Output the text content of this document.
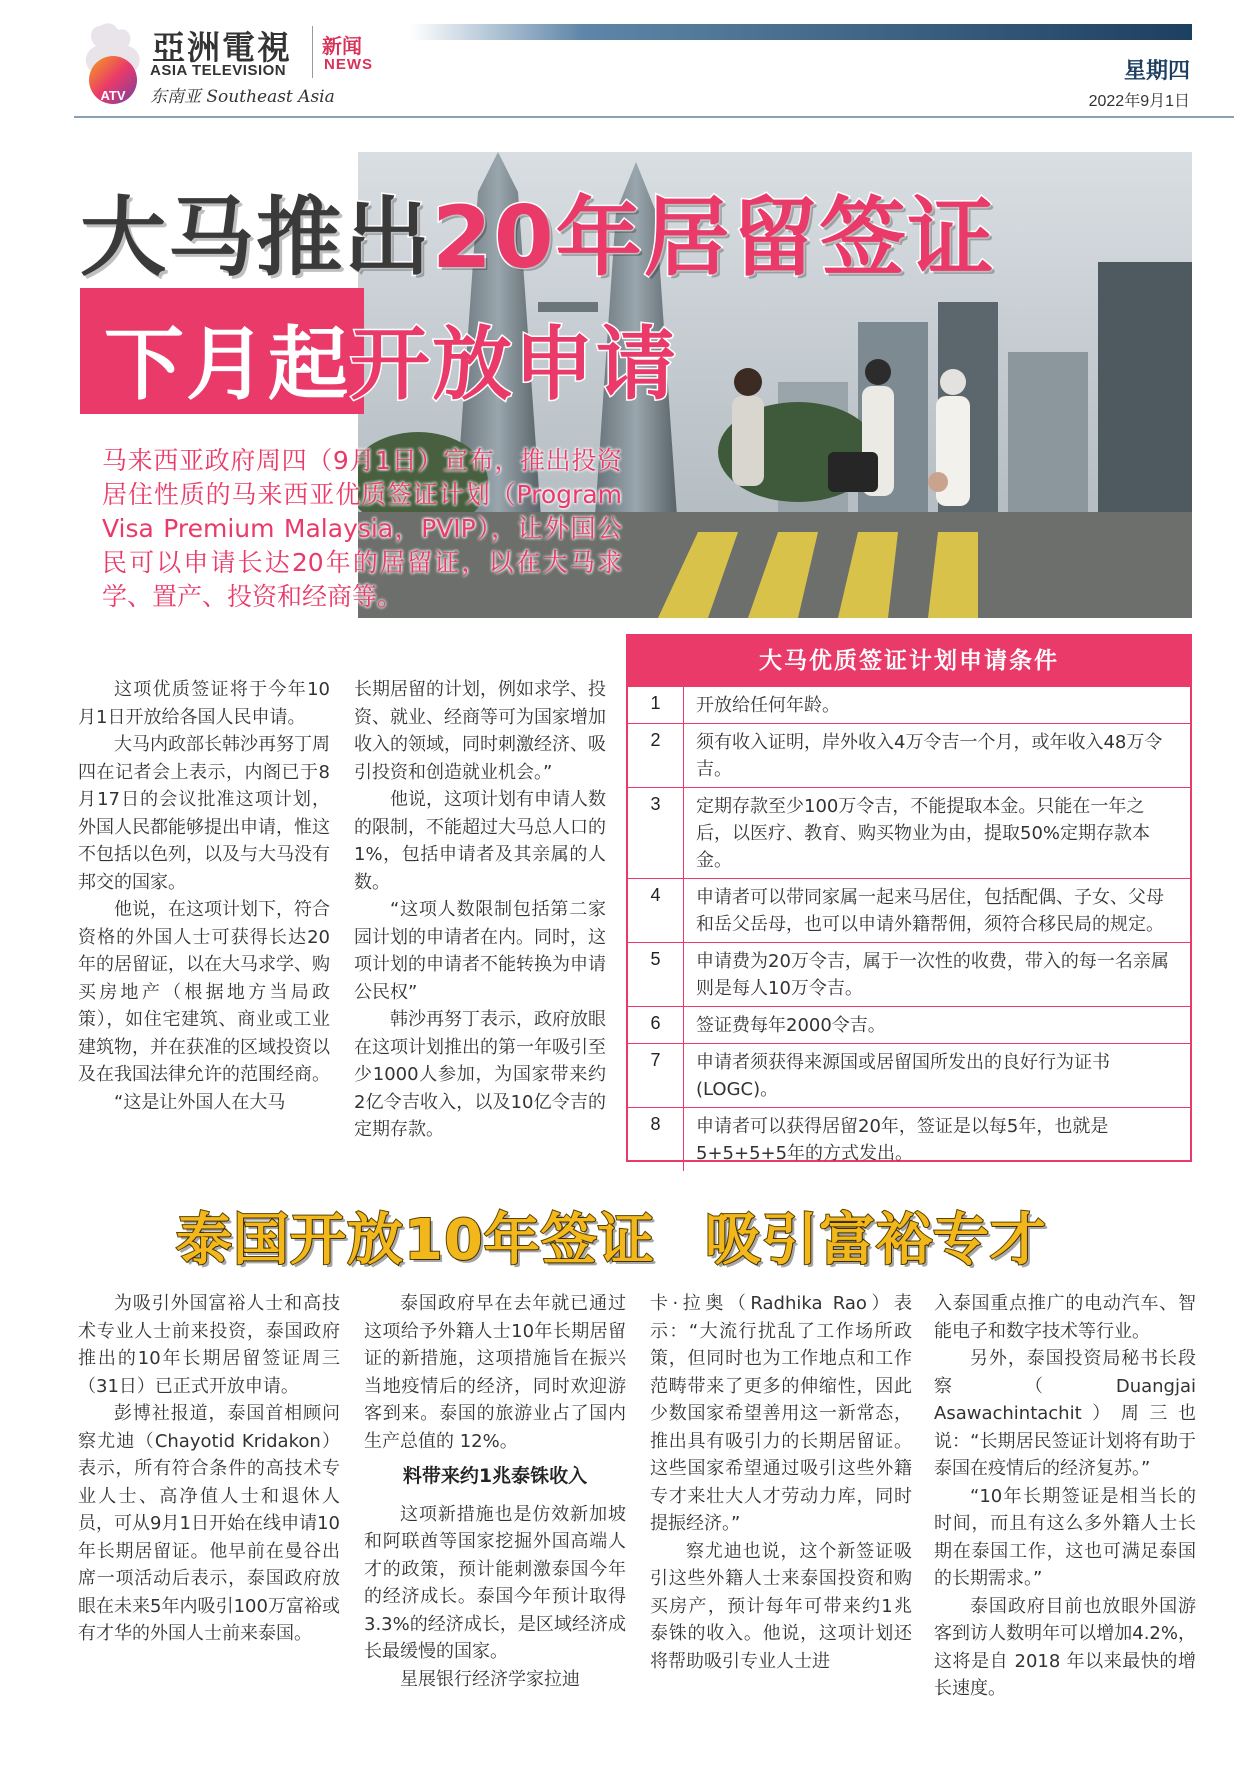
ATV
亞洲電視
ASIA TELEVISION
东南亚 Southeast Asia
新闻
NEWS	星期四
2022年9月1日
大马推出20年居留签证
下月起开放申请
马来西亚政府周四（9月1日）宣布，推出投资居住性质的马来西亚优质签证计划（Program Visa Premium Malaysia，PVIP），让外国公民可以申请长达20年的居留证，以在大马求学、置产、投资和经商等。

这项优质签证将于今年10月1日开放给各国人民申请。

大马内政部长韩沙再努丁周四在记者会上表示，内阁已于8月17日的会议批准这项计划，外国人民都能够提出申请，惟这不包括以色列，以及与大马没有邦交的国家。

他说，在这项计划下，符合资格的外国人士可获得长达20年的居留证，以在大马求学、购买房地产（根据地方当局政策），如住宅建筑、商业或工业建筑物，并在获准的区域投资以及在我国法律允许的范围经商。

“这是让外国人在大马

长期居留的计划，例如求学、投资、就业、经商等可为国家增加收入的领域，同时刺激经济、吸引投资和创造就业机会。”

他说，这项计划有申请人数的限制，不能超过大马总人口的1%，包括申请者及其亲属的人数。

“这项人数限制包括第二家园计划的申请者在内。同时，这项计划的申请者不能转换为申请公民权”

韩沙再努丁表示，政府放眼在这项计划推出的第一年吸引至少1000人参加，为国家带来约2亿令吉收入，以及10亿令吉的定期存款。

大马优质签证计划申请条件
1	开放给任何年龄。
2	须有收入证明，岸外收入4万令吉一个月，或年收入48万令吉。
3	定期存款至少100万令吉，不能提取本金。只能在一年之后，以医疗、教育、购买物业为由，提取50%定期存款本金。
4	申请者可以带同家属一起来马居住，包括配偶、子女、父母和岳父岳母，也可以申请外籍帮佣，须符合移民局的规定。
5	申请费为20万令吉，属于一次性的收费，带入的每一名亲属则是每人10万令吉。
6	签证费每年2000令吉。
7	申请者须获得来源国或居留国所发出的良好行为证书(LOGC)。
8	申请者可以获得居留20年，签证是以每5年，也就是5+5+5+5年的方式发出。
泰国开放10年签证 吸引富裕专才

为吸引外国富裕人士和高技术专业人士前来投资，泰国政府推出的10年长期居留签证周三（31日）已正式开放申请。

彭博社报道，泰国首相顾问察尤迪（Chayotid Kridakon）表示，所有符合条件的高技术专业人士、高净值人士和退休人员，可从9月1日开始在线申请10年长期居留证。他早前在曼谷出席一项活动后表示，泰国政府放眼在未来5年内吸引100万富裕或有才华的外国人士前来泰国。

泰国政府早在去年就已通过这项给予外籍人士10年长期居留证的新措施，这项措施旨在振兴当地疫情后的经济，同时欢迎游客到来。泰国的旅游业占了国内生产总值的 12%。

料带来约1兆泰铢收入

这项新措施也是仿效新加坡和阿联酋等国家挖掘外国高端人才的政策，预计能刺激泰国今年的经济成长。泰国今年预计取得3.3%的经济成长，是区域经济成长最缓慢的国家。

星展银行经济学家拉迪

卡·拉奥（Radhika Rao）表示：“大流行扰乱了工作场所政策，但同时也为工作地点和工作范畴带来了更多的伸缩性，因此少数国家希望善用这一新常态，推出具有吸引力的长期居留证。这些国家希望通过吸引这些外籍专才来壮大人才劳动力库，同时提振经济。”

察尤迪也说，这个新签证吸引这些外籍人士来泰国投资和购买房产，预计每年可带来约1兆泰铢的收入。他说，这项计划还将帮助吸引专业人士进

入泰国重点推广的电动汽车、智能电子和数字技术等行业。

另外，泰国投资局秘书长段察（Duangjai Asawachintachit）周三也说：“长期居民签证计划将有助于泰国在疫情后的经济复苏。”

“10年长期签证是相当长的时间，而且有这么多外籍人士长期在泰国工作，这也可满足泰国的长期需求。”

泰国政府目前也放眼外国游客到访人数明年可以增加4.2%，这将是自 2018 年以来最快的增长速度。
